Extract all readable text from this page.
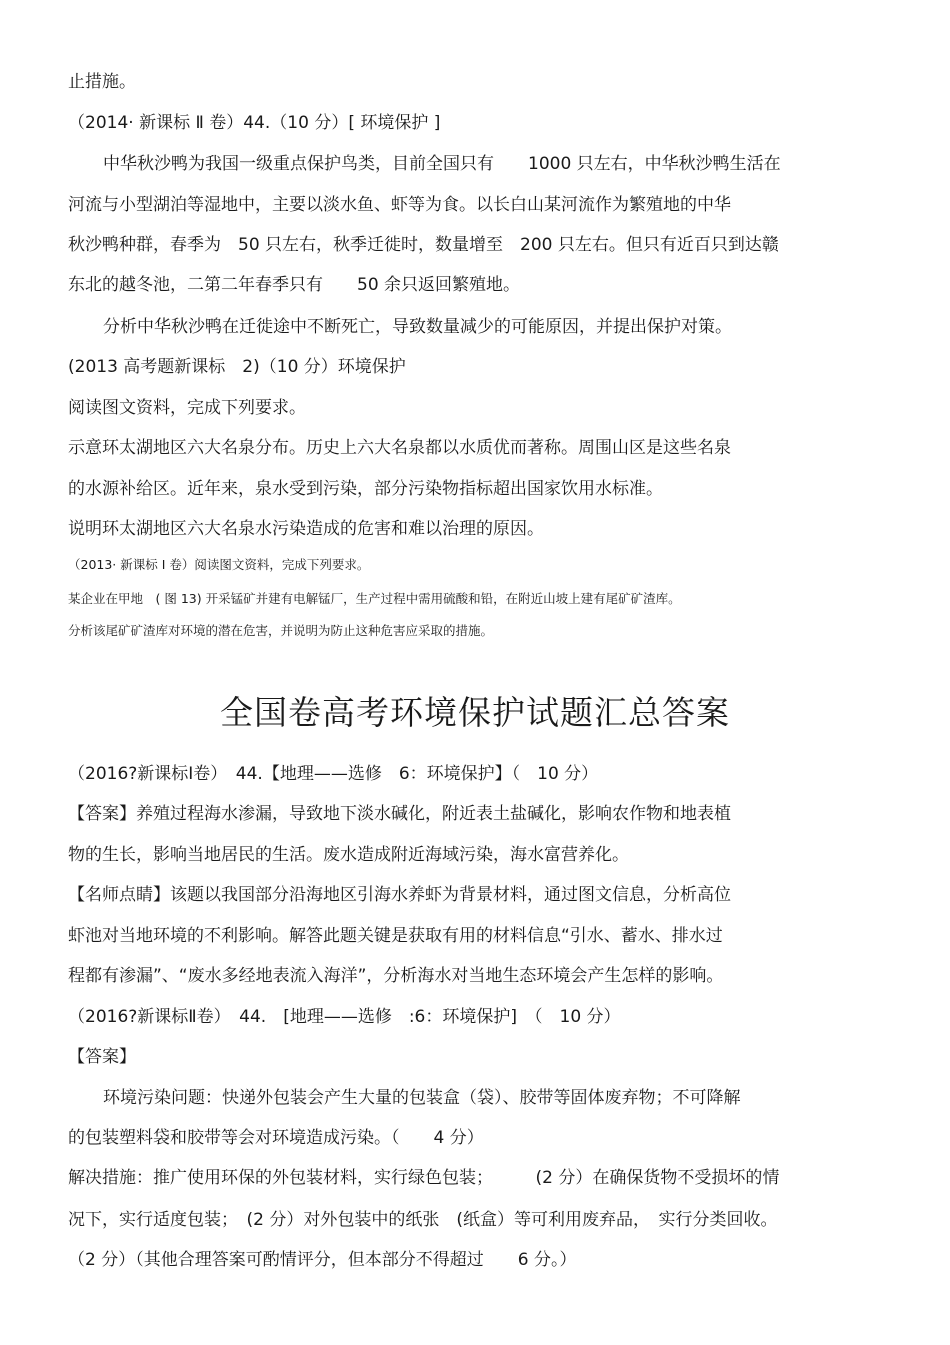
止措施。
（2014· 新课标 Ⅱ 卷）44.（10 分）[ 环境保护 ]
中华秋沙鸭为我国一级重点保护鸟类，目前全国只有　　1000 只左右，中华秋沙鸭生活在
河流与小型湖泊等湿地中，主要以淡水鱼、虾等为食。以长白山某河流作为繁殖地的中华
秋沙鸭种群，春季为　50 只左右，秋季迁徙时，数量增至　200 只左右。但只有近百只到达赣
东北的越冬池，二第二年春季只有　　50 余只返回繁殖地。
分析中华秋沙鸭在迁徙途中不断死亡，导致数量减少的可能原因，并提出保护对策。
(2013 高考题新课标　2)（10 分）环境保护
阅读图文资料，完成下列要求。
示意环太湖地区六大名泉分布。历史上六大名泉都以水质优而著称。周围山区是这些名泉
的水源补给区。近年来，泉水受到污染，部分污染物指标超出国家饮用水标准。
说明环太湖地区六大名泉水污染造成的危害和难以治理的原因。
（2013· 新课标 Ⅰ 卷）阅读图文资料，完成下列要求。
某企业在甲地　( 图 13) 开采锰矿并建有电解锰厂，生产过程中需用硫酸和铅，在附近山坡上建有尾矿矿渣库。
分析该尾矿矿渣库对环境的潜在危害，并说明为防止这种危害应采取的措施。
全国卷高考环境保护试题汇总答案
（2016?新课标Ⅰ卷）　44.【地理——选修　6：环境保护】（　10 分）
【答案】养殖过程海水渗漏，导致地下淡水碱化，附近表土盐碱化，影响农作物和地表植
物的生长，影响当地居民的生活。废水造成附近海域污染，海水富营养化。
【名师点睛】该题以我国部分沿海地区引海水养虾为背景材料，通过图文信息，分析高位
虾池对当地环境的不利影响。解答此题关键是获取有用的材料信息“引水、蓄水、排水过
程都有渗漏”、“废水多经地表流入海洋”，分析海水对当地生态环境会产生怎样的影响。
（2016?新课标Ⅱ卷）　44.　[地理——选修　:6：环境保护]　（　10 分）
【答案】
环境污染问题：快递外包装会产生大量的包装盒（袋）、胶带等固体废弃物；不可降解
的包装塑料袋和胶带等会对环境造成污染。（　　4 分）
解决措施：推广使用环保的外包装材料，实行绿色包装；　　　(2 分）在确保货物不受损坏的情
况下，实行适度包装；　(2 分）对外包装中的纸张　(纸盒）等可利用废弃品，　实行分类回收。
（2 分）（其他合理答案可酌情评分，但本部分不得超过　　6 分。）
